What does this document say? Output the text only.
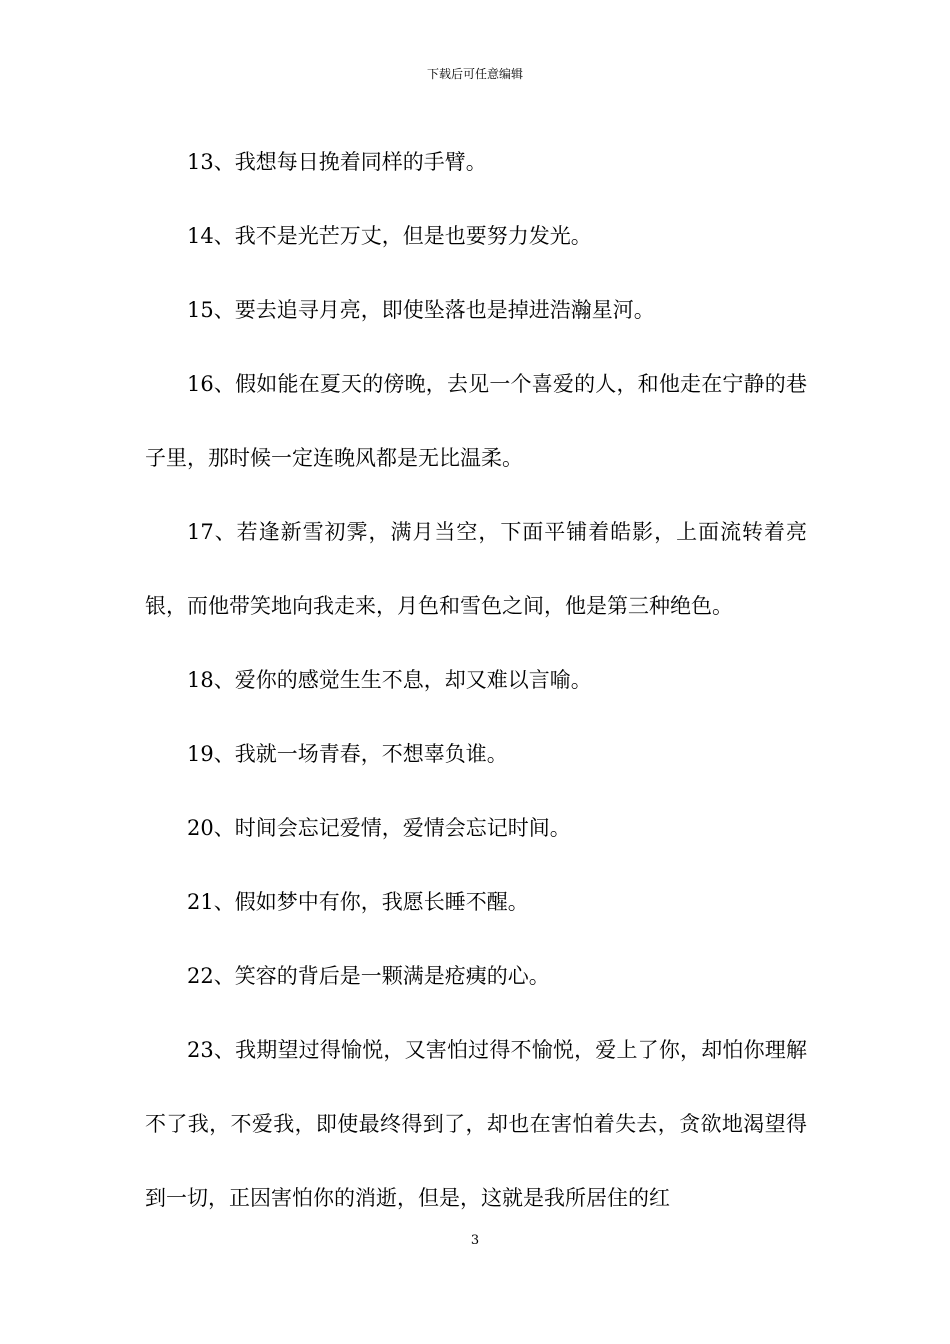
下载后可任意编辑

13、我想每日挽着同样的手臂。

14、我不是光芒万丈，但是也要努力发光。

15、要去追寻月亮，即使坠落也是掉进浩瀚星河。

16、假如能在夏天的傍晚，去见一个喜爱的人，和他走在宁静的巷子里，那时候一定连晚风都是无比温柔。

17、若逢新雪初霁，满月当空，下面平铺着皓影，上面流转着亮银，而他带笑地向我走来，月色和雪色之间，他是第三种绝色。

18、爱你的感觉生生不息，却又难以言喻。

19、我就一场青春，不想辜负谁。

20、时间会忘记爱情，爱情会忘记时间。

21、假如梦中有你，我愿长睡不醒。

22、笑容的背后是一颗满是疮痍的心。

23、我期望过得愉悦，又害怕过得不愉悦，爱上了你，却怕你理解不了我，不爱我，即使最终得到了，却也在害怕着失去，贪欲地渴望得到一切，正因害怕你的消逝，但是，这就是我所居住的红

3
